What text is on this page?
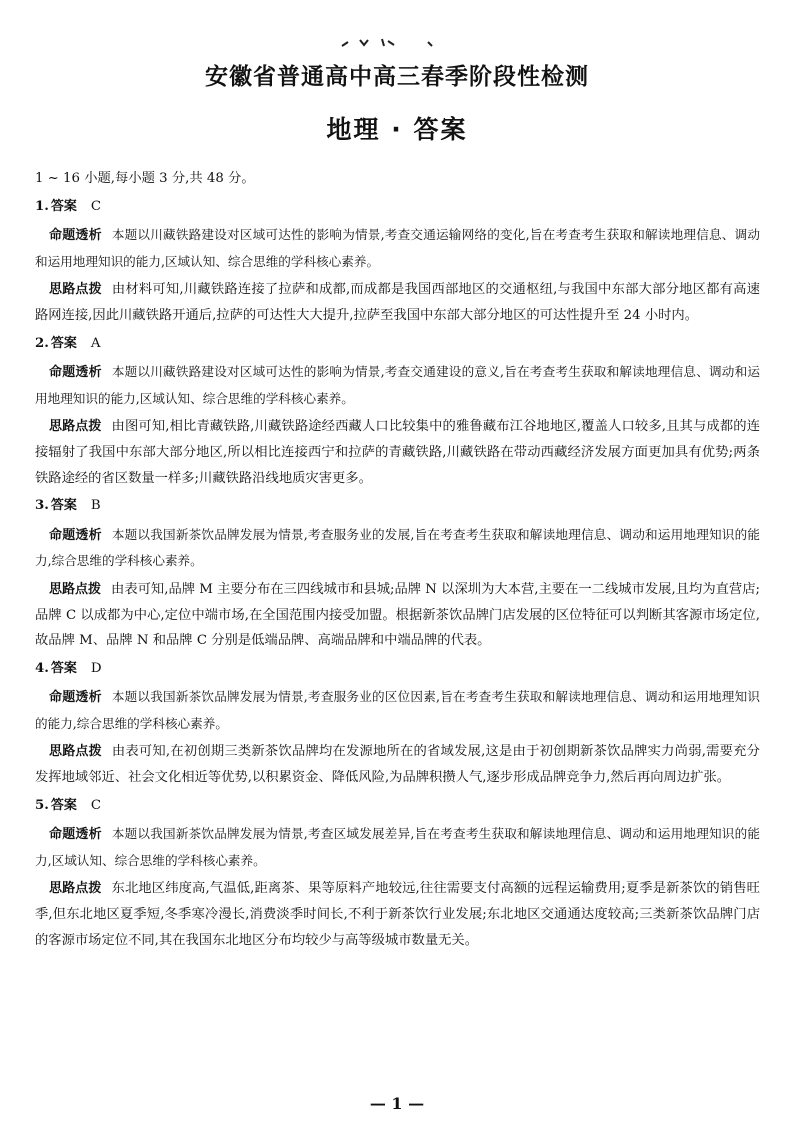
安徽省普通高中高三春季阶段性检测
地理 · 答案

1 ~ 16 小题,每小题 3 分,共 48 分。

1. 答案 C

命题透析 本题以川藏铁路建设对区域可达性的影响为情景,考查交通运输网络的变化,旨在考查考生获取和解读地理信息、调动和运用地理知识的能力,区域认知、综合思维的学科核心素养。

思路点拨 由材料可知,川藏铁路连接了拉萨和成都,而成都是我国西部地区的交通枢纽,与我国中东部大部分地区都有高速路网连接,因此川藏铁路开通后,拉萨的可达性大大提升,拉萨至我国中东部大部分地区的可达性提升至 24 小时内。

2. 答案 A

命题透析 本题以川藏铁路建设对区域可达性的影响为情景,考查交通建设的意义,旨在考查考生获取和解读地理信息、调动和运用地理知识的能力,区域认知、综合思维的学科核心素养。

思路点拨 由图可知,相比青藏铁路,川藏铁路途经西藏人口比较集中的雅鲁藏布江谷地地区,覆盖人口较多,且其与成都的连接辐射了我国中东部大部分地区,所以相比连接西宁和拉萨的青藏铁路,川藏铁路在带动西藏经济发展方面更加具有优势;两条铁路途经的省区数量一样多;川藏铁路沿线地质灾害更多。

3. 答案 B

命题透析 本题以我国新茶饮品牌发展为情景,考查服务业的发展,旨在考查考生获取和解读地理信息、调动和运用地理知识的能力,综合思维的学科核心素养。

思路点拨 由表可知,品牌 M 主要分布在三四线城市和县城;品牌 N 以深圳为大本营,主要在一二线城市发展,且均为直营店;品牌 C 以成都为中心,定位中端市场,在全国范围内接受加盟。根据新茶饮品牌门店发展的区位特征可以判断其客源市场定位,故品牌 M、品牌 N 和品牌 C 分别是低端品牌、高端品牌和中端品牌的代表。

4. 答案 D

命题透析 本题以我国新茶饮品牌发展为情景,考查服务业的区位因素,旨在考查考生获取和解读地理信息、调动和运用地理知识的能力,综合思维的学科核心素养。

思路点拨 由表可知,在初创期三类新茶饮品牌均在发源地所在的省域发展,这是由于初创期新茶饮品牌实力尚弱,需要充分发挥地域邻近、社会文化相近等优势,以积累资金、降低风险,为品牌积攒人气,逐步形成品牌竞争力,然后再向周边扩张。

5. 答案 C

命题透析 本题以我国新茶饮品牌发展为情景,考查区域发展差异,旨在考查考生获取和解读地理信息、调动和运用地理知识的能力,区域认知、综合思维的学科核心素养。

思路点拨 东北地区纬度高,气温低,距离茶、果等原料产地较远,往往需要支付高额的远程运输费用;夏季是新茶饮的销售旺季,但东北地区夏季短,冬季寒冷漫长,消费淡季时间长,不利于新茶饮行业发展;东北地区交通通达度较高;三类新茶饮品牌门店的客源市场定位不同,其在我国东北地区分布均较少与高等级城市数量无关。

— 1 —
